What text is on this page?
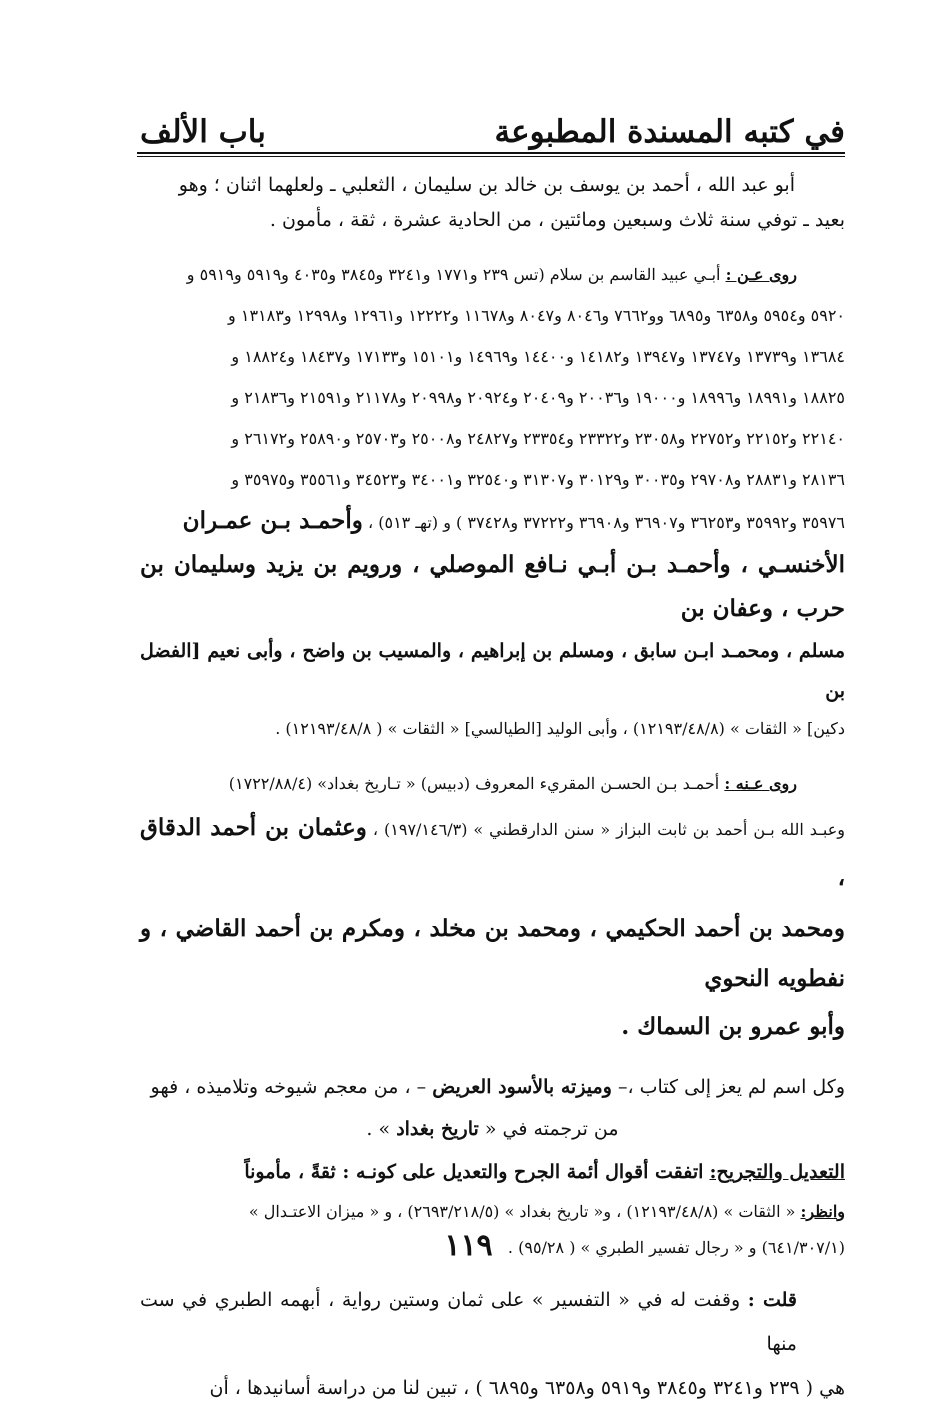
في كتبه المسندة المطبوعة
باب الألف

أبو عبد الله ، أحمد بن يوسف بن خالد بن سليمان ، الثعلبي ـ ولعلهما اثنان ؛ وهو

بعيد ـ توفي سنة ثلاث وسبعين ومائتين ، من الحادية عشرة ، ثقة ، مأمون .

روى عـن : أبـي عبيد القاسم بن سلام (تس ٢٣٩ و١٧٧١ و٣٢٤١ و٣٨٤٥ و٤٠٣٥ و٥٩١٩ و٥٩١٩ و

٥٩٢٠ و٥٩٥٤ و٦٣٥٨ و٦٨٩٥ وو٧٦٦٢ و٨٠٤٦ و٨٠٤٧ و١١٦٧٨ و١٢٢٢٢ و١٢٩٦١ و١٢٩٩٨ و١٣١٨٣ و

١٣٦٨٤ و١٣٧٣٩ و١٣٧٤٧ و١٣٩٤٧ و١٤١٨٢ و١٤٤٠٠ و١٤٩٦٩ و١٥١٠١ و١٧١٣٣ و١٨٤٣٧ و١٨٨٢٤ و

١٨٨٢٥ و١٨٩٩١ و١٨٩٩٦ و١٩٠٠٠ و٢٠٠٣٦ و٢٠٤٠٩ و٢٠٩٢٤ و٢٠٩٩٨ و٢١١٧٨ و٢١٥٩١ و٢١٨٣٦ و

٢٢١٤٠ و٢٢١٥٢ و٢٢٧٥٢ و٢٣٠٥٨ و٢٣٣٢٢ و٢٣٣٥٤ و٢٤٨٢٧ و٢٥٠٠٨ و٢٥٧٠٣ و٢٥٨٩٠ و٢٦١٧٢ و

٢٨١٣٦ و٢٨٨٣١ و٢٩٧٠٨ و٣٠٠٣٥ و٣٠١٢٩ و٣١٣٠٧ و٣٢٥٤٠ و٣٤٠٠١ و٣٤٥٢٣ و٣٥٥٦١ و٣٥٩٧٥ و

٣٥٩٧٦ و٣٥٩٩٢ و٣٦٢٥٣ و٣٦٩٠٧ و٣٦٩٠٨ و٣٧٢٢٢ و٣٧٤٢٨ ) و (تهـ ٥١٣) ، وأحمـد بـن عمـران

الأخنسـي ، وأحمـد بـن أبـي نـافع الموصلي ، ورويم بن يزيد وسليمان بن حرب ، وعفان بن

مسلم ، ومحمـد ابـن سابق ، ومسلم بن إبراهيم ، والمسيب بن واضح ، وأبى نعيم [الفضل بن

دكين] « الثقات » (١٢١٩٣/٤٨/٨) ، وأبى الوليد [الطيالسي] « الثقات » ( ١٢١٩٣/٤٨/٨) .

روى عـنه : أحمـد بـن الحسـن المقريء المعروف (دبيس) « تـاريخ بغداد» (١٧٢٢/٨٨/٤)

وعبـد الله بـن أحمد بن ثابت البزاز « سنن الدارقطني » (١٩٧/١٤٦/٣) ، وعثمان بن أحمد الدقاق ،

ومحمد بن أحمد الحكيمي ، ومحمد بن مخلد ، ومكرم بن أحمد القاضي ، و نفطويه النحوي

وأبو عمرو بن السماك .

وكل اسم لم يعز إلى كتاب ،– وميزته بالأسود العريض – ، من معجم شيوخه وتلاميذه ، فهو

من ترجمته في « تاريخ بغداد » .

التعديل والتجريح: اتفقت أقوال أئمة الجرح والتعديل على كونـه : ثقةً ، مأموناً

وانظر: « الثقات » (١٢١٩٣/٤٨/٨) ، و« تاريخ بغداد » (٢٦٩٣/٢١٨/٥) ، و « ميزان الاعتـدال »

(٦٤١/٣٠٧/١) و « رجال تفسير الطبري » ( ٩٥/٢٨) .

قلت : وقفت له في « التفسير » على ثمان وستين رواية ، أبهمه الطبري في ست منها

هي ( ٢٣٩ و٣٢٤١ و٣٨٤٥ و٥٩١٩ و٦٣٥٨ و٦٨٩٥ ) ، تبين لنا من دراسة أسانيدها ، أن

١١٩
